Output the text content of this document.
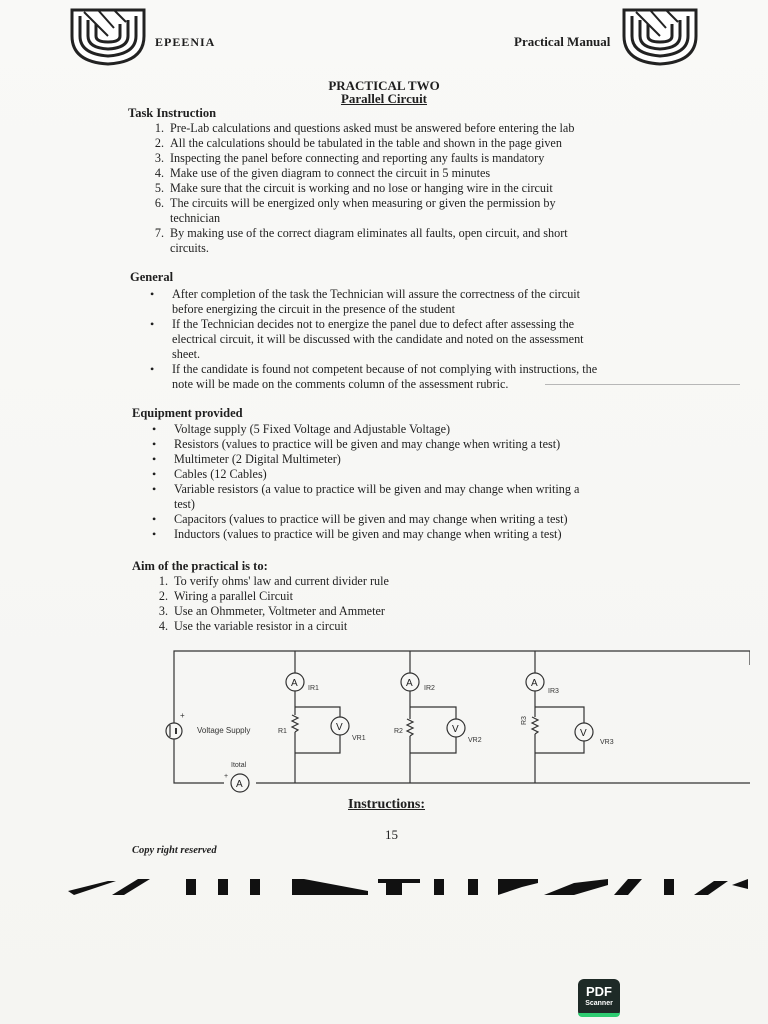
EPEENIA	Practical Manual
PRACTICAL TWO
Parallel Circuit
Task Instruction
1. Pre-Lab calculations and questions asked must be answered before entering the lab
2. All the calculations should be tabulated in the table and shown in the page given
3. Inspecting the panel before connecting and reporting any faults is mandatory
4. Make use of the given diagram to connect the circuit in 5 minutes
5. Make sure that the circuit is working and no lose or hanging wire in the circuit
6. The circuits will be energized only when measuring or given the permission by
technician
7. By making use of the correct diagram eliminates all faults, open circuit, and short
circuits.
General
• After completion of the task the Technician will assure the correctness of the circuit
before energizing the circuit in the presence of the student
• If the Technician decides not to energize the panel due to defect after assessing the
electrical circuit, it will be discussed with the candidate and noted on the assessment
sheet.
• If the candidate is found not competent because of not complying with instructions, the
note will be made on the comments column of the assessment rubric.
Equipment provided
• Voltage supply (5 Fixed Voltage and Adjustable Voltage)
• Resistors (values to practice will be given and may change when writing a test)
• Multimeter (2 Digital Multimeter)
• Cables (12 Cables)
• Variable resistors (a value to practice will be given and may change when writing a
test)
• Capacitors (values to practice will be given and may change when writing a test)
• Inductors (values to practice will be given and may change when writing a test)
Aim of the practical is to:
1. To verify ohms' law and current divider rule
2. Wiring a parallel Circuit
3. Use an Ohmmeter, Voltmeter and Ammeter
4. Use the variable resistor in a circuit
Voltage Supply
+
A
Itotal
+
A
V
IR1
R1
VR1
A
V
IR2
R2
VR2
A
V
IR3
R3
VR3
Instructions:
15
Copy right reserved
PDF
Scanner
